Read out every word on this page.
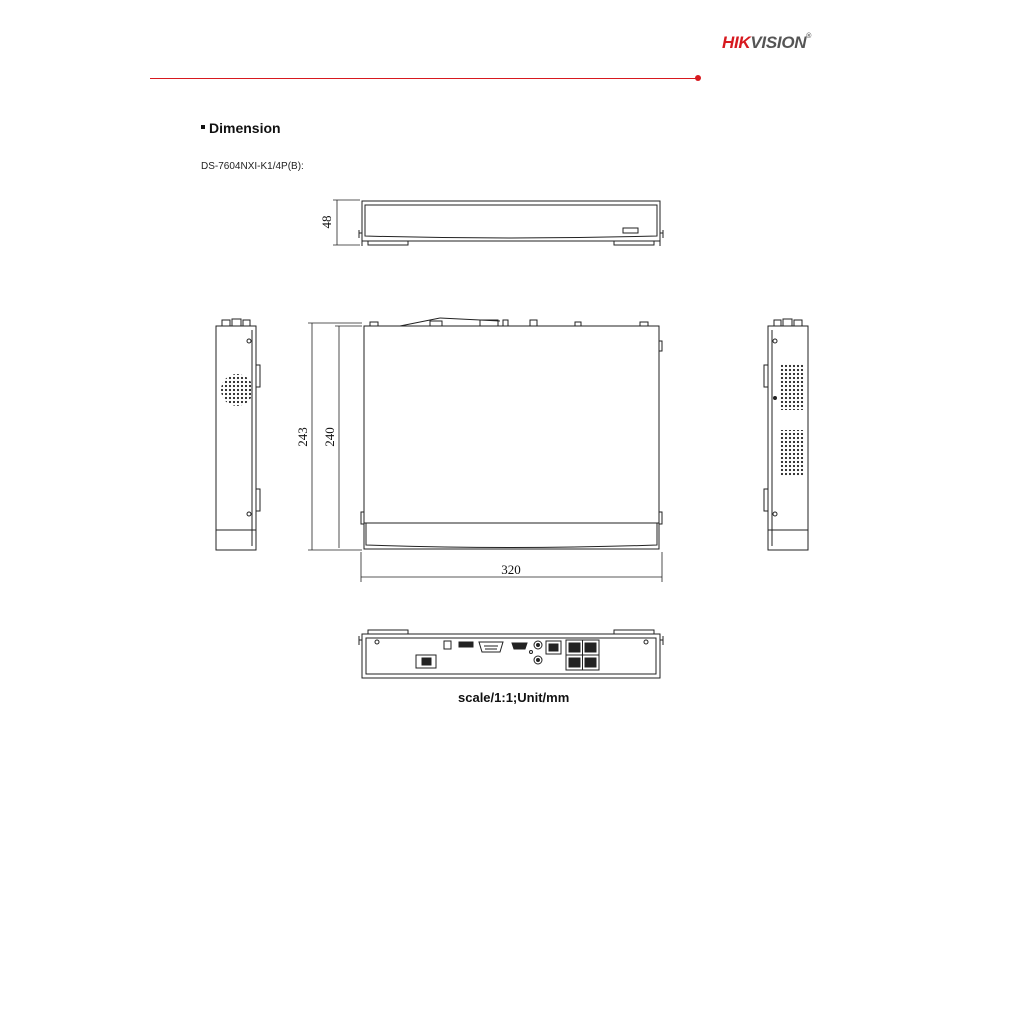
HIKVISION®
Dimension
DS-7604NXI-K1/4P(B):
48
243 240
320
scale/1:1;Unit/mm
